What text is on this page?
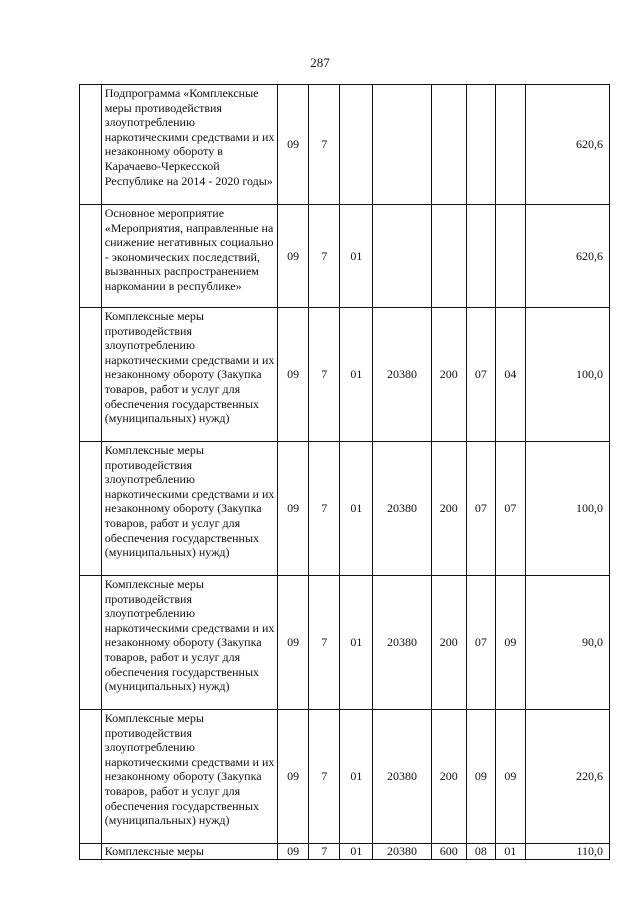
287
	Подпрограмма «Комплексные меры противодействия злоупотреблению наркотическими средствами и их незаконному обороту в Карачаево-Черкесской Республике на 2014 - 2020 годы»	09	7						620,6
	Основное мероприятие «Мероприятия, направленные на снижение негативных социально - экономических последствий, вызванных распространением наркомании в республике»	09	7	01					620,6
	Комплексные меры противодействия злоупотреблению наркотическими средствами и их незаконному обороту (Закупка товаров, работ и услуг для обеспечения государственных (муниципальных) нужд)	09	7	01	20380	200	07	04	100,0
	Комплексные меры противодействия злоупотреблению наркотическими средствами и их незаконному обороту (Закупка товаров, работ и услуг для обеспечения государственных (муниципальных) нужд)	09	7	01	20380	200	07	07	100,0
	Комплексные меры противодействия злоупотреблению наркотическими средствами и их незаконному обороту (Закупка товаров, работ и услуг для обеспечения государственных (муниципальных) нужд)	09	7	01	20380	200	07	09	90,0
	Комплексные меры противодействия злоупотреблению наркотическими средствами и их незаконному обороту (Закупка товаров, работ и услуг для обеспечения государственных (муниципальных) нужд)	09	7	01	20380	200	09	09	220,6
	Комплексные меры	09	7	01	20380	600	08	01	110,0
